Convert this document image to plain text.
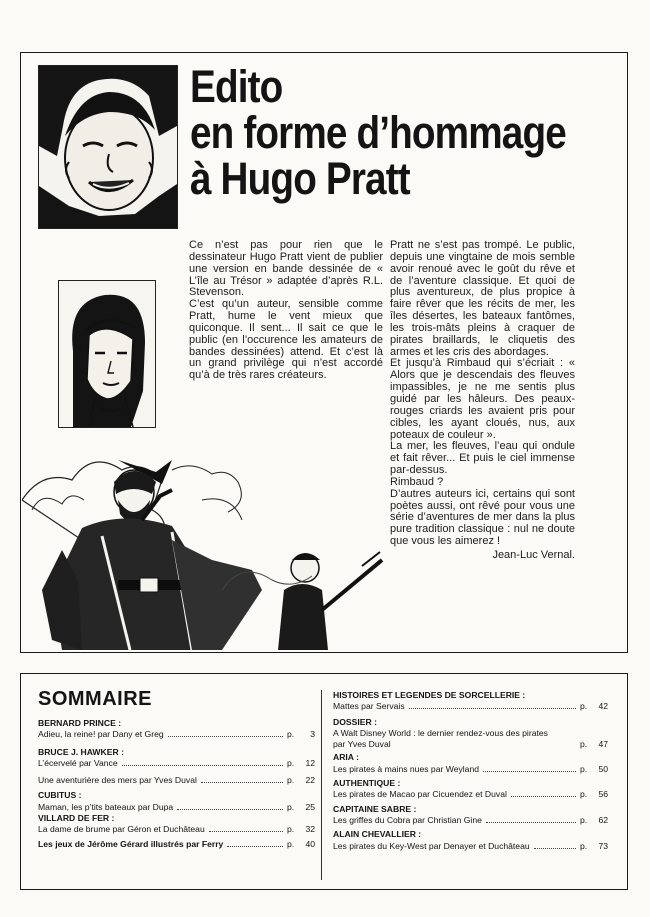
Edito
en forme d’hommage
à Hugo Pratt

Ce n’est pas pour rien que le dessinateur Hugo Pratt vient de publier une version en bande dessinée de « L’île au Trésor » adaptée d’après R.L. Stevenson.

C’est qu’un auteur, sensible comme Pratt, hume le vent mieux que quiconque. Il sent... Il sait ce que le public (en l’occurence les amateurs de bandes dessinées) attend. Et c’est là un grand privilège qui n’est accordé qu’à de très rares créateurs.

Pratt ne s’est pas trompé. Le public, depuis une vingtaine de mois semble avoir renoué avec le goût du rêve et de l’aventure classique. Et quoi de plus aventureux, de plus propice à faire rêver que les récits de mer, les îles désertes, les bateaux fantômes, les trois-mâts pleins à craquer de pirates braillards, le cliquetis des armes et les cris des abordages.

Et jusqu’à Rimbaud qui s’écriait : « Alors que je descendais des fleuves impassibles, je ne me sentis plus guidé par les hâleurs. Des peaux-rouges criards les avaient pris pour cibles, les ayant cloués, nus, aux poteaux de couleur ».

La mer, les fleuves, l’eau qui ondule et fait rêver... Et puis le ciel immense par-dessus.

Rimbaud ?

D’autres auteurs ici, certains qui sont poètes aussi, ont rêvé pour vous une série d’aventures de mer dans la plus pure tradition classique : nul ne doute que vous les aimerez !

Jean-Luc Vernal.

SOMMAIRE
BERNARD PRINCE :
Adieu, la reine! par Dany et Greg	p. 3
BRUCE J. HAWKER :
L’écervelé par Vance	p. 12
Une aventurière des mers par Yves Duval	p. 22
CUBITUS :
Maman, les p’tits bateaux par Dupa	p. 25
VILLARD DE FER :
La dame de brume par Géron et Duchâteau	p. 32
Les jeux de Jérôme Gérard illustrés par Ferry	p. 40
HISTOIRES ET LEGENDES DE SORCELLERIE :
Mattes par Servais	p. 42
DOSSIER :
A Walt Disney World : le dernier rendez-vous des pirates
par Yves Duval	p. 47
ARIA :
Les pirates à mains nues par Weyland	p. 50
AUTHENTIQUE :
Les pirates de Macao par Cicuendez et Duval	p. 56
CAPITAINE SABRE :
Les griffes du Cobra par Christian Gine	p. 62
ALAIN CHEVALLIER :
Les pirates du Key-West par Denayer et Duchâteau	p. 73
